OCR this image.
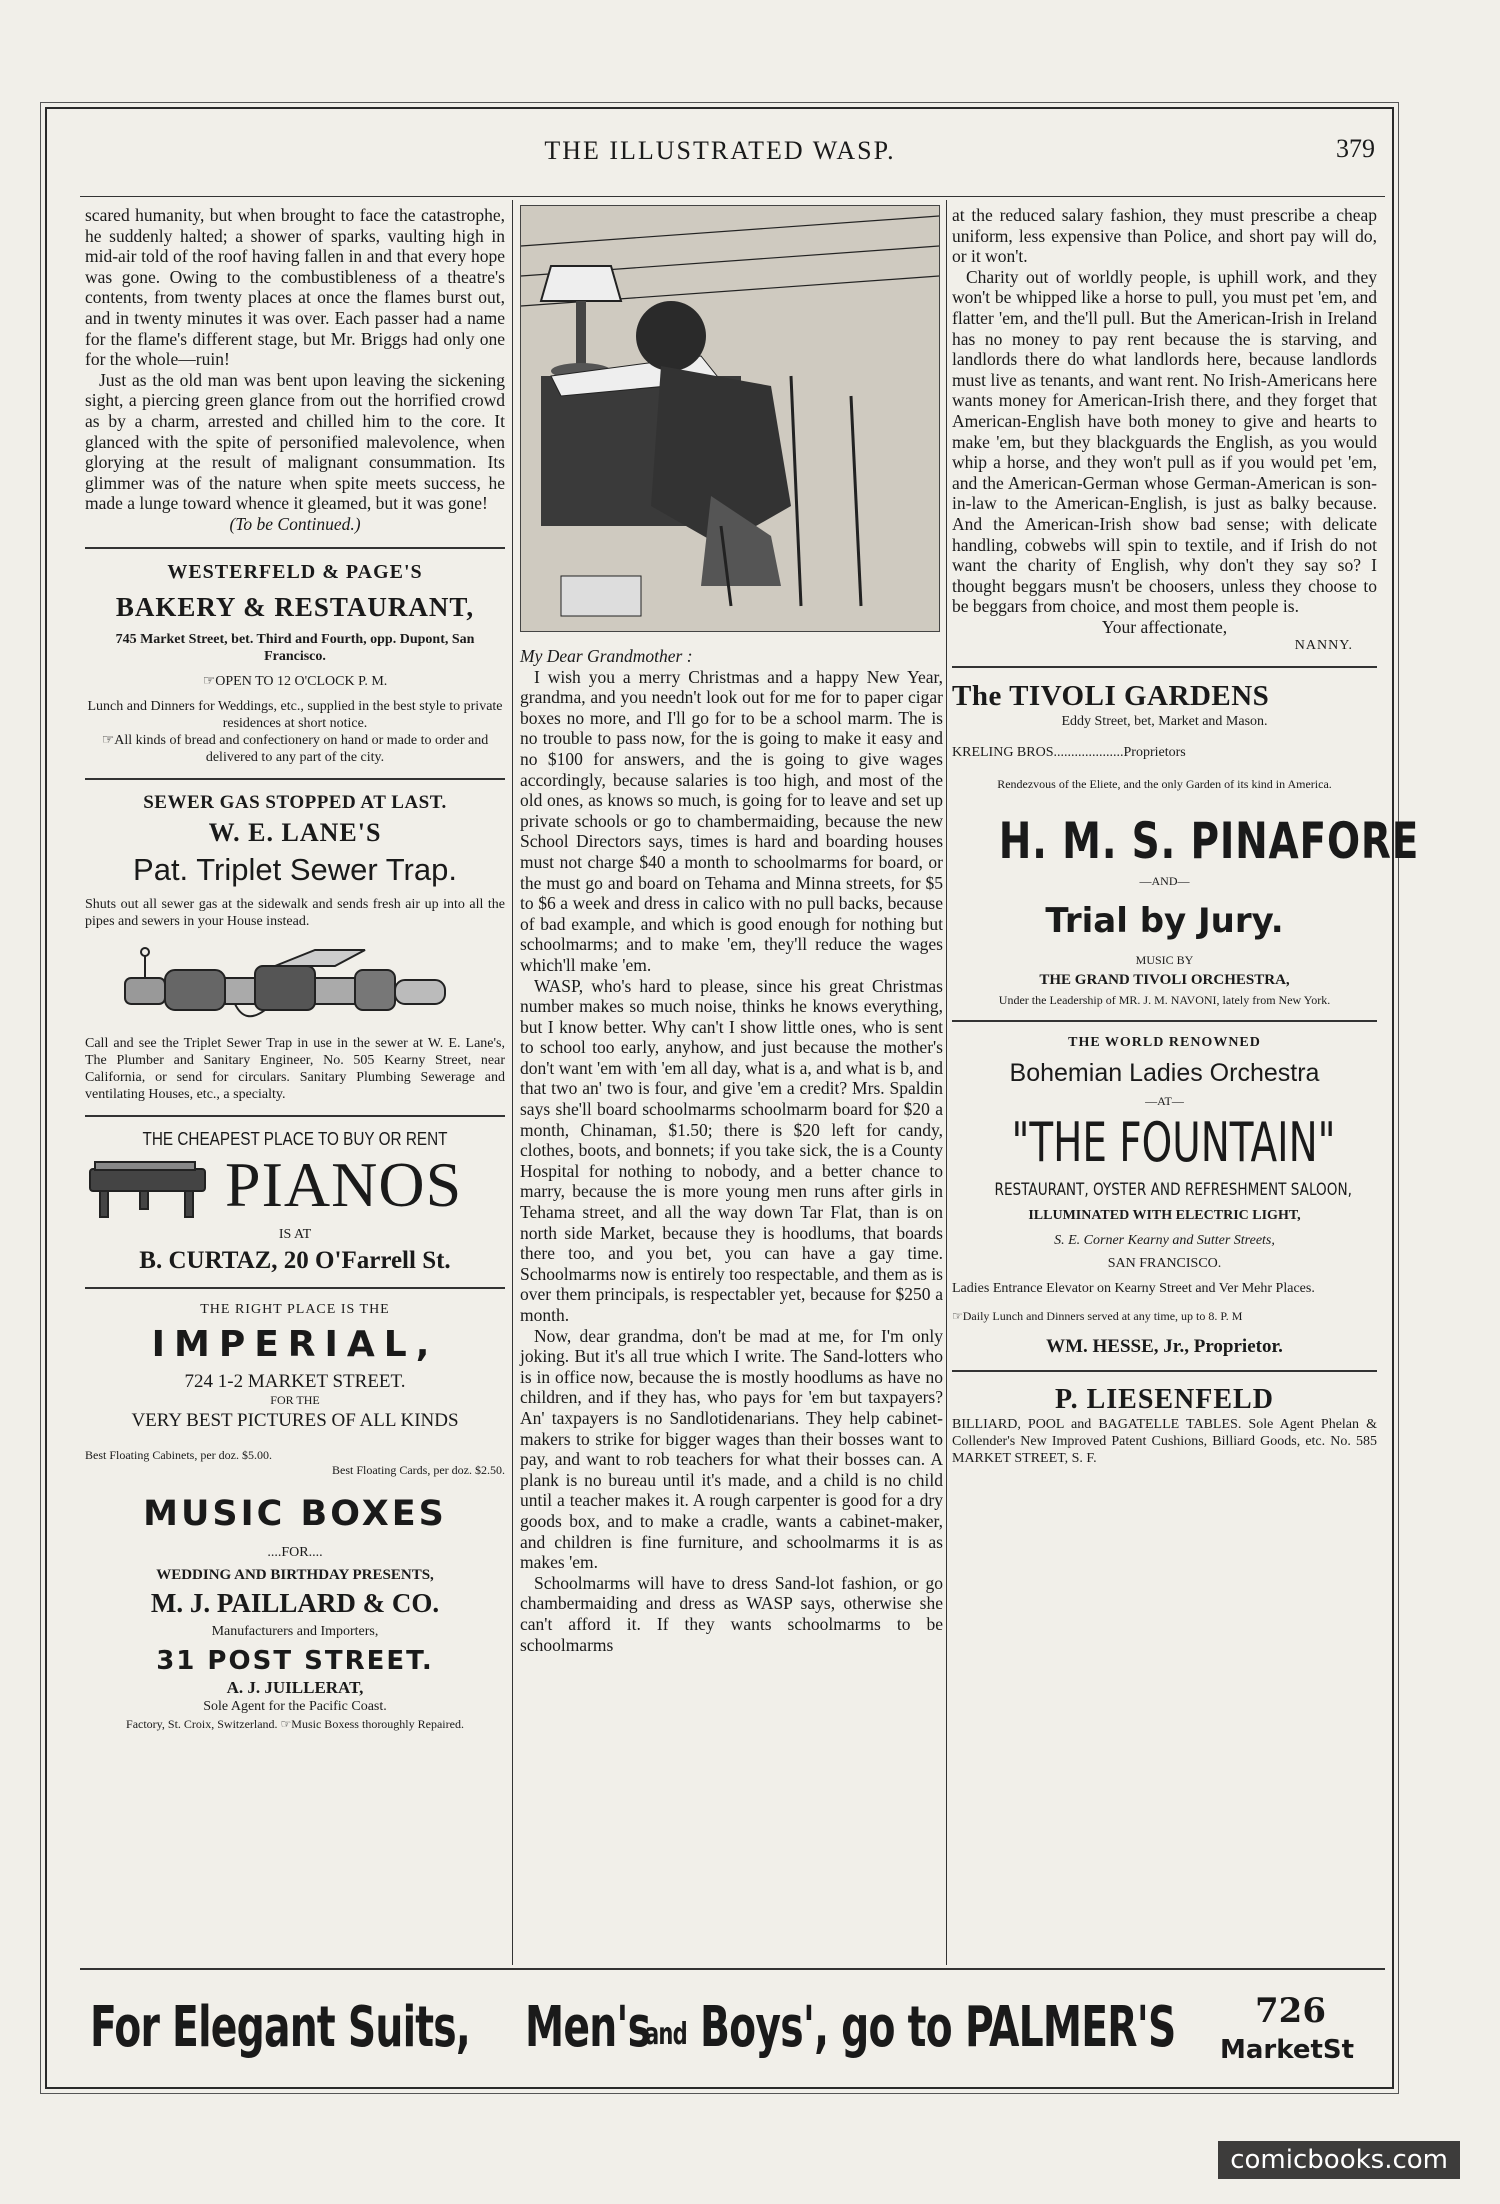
THE ILLUSTRATED WASP.	379

scared humanity, but when brought to face the catastrophe, he suddenly halted; a shower of sparks, vaulting high in mid-air told of the roof having fallen in and that every hope was gone. Owing to the combustibleness of a theatre's contents, from twenty places at once the flames burst out, and in twenty minutes it was over. Each passer had a name for the flame's different stage, but Mr. Briggs had only one for the whole—ruin!

Just as the old man was bent upon leaving the sickening sight, a piercing green glance from out the horrified crowd as by a charm, arrested and chilled him to the core. It glanced with the spite of personified malevolence, when glorying at the result of malignant consummation. Its glimmer was of the nature when spite meets success, he made a lunge toward whence it gleamed, but it was gone!

(To be Continued.)

WESTERFELD & PAGE'S

BAKERY & RESTAURANT,

745 Market Street, bet. Third and Fourth, opp. Dupont, San Francisco.

☞OPEN TO 12 O'CLOCK P. M.

Lunch and Dinners for Weddings, etc., supplied in the best style to private residences at short notice.

☞All kinds of bread and confectionery on hand or made to order and delivered to any part of the city.

SEWER GAS STOPPED AT LAST.

W. E. LANE'S

Pat. Triplet Sewer Trap.

Shuts out all sewer gas at the sidewalk and sends fresh air up into all the pipes and sewers in your House instead.

Call and see the Triplet Sewer Trap in use in the sewer at W. E. Lane's, The Plumber and Sanitary Engineer, No. 505 Kearny Street, near California, or send for circulars. Sanitary Plumbing Sewerage and ventilating Houses, etc., a specialty.

THE CHEAPEST PLACE TO BUY OR RENT

PIANOS

IS AT

B. CURTAZ, 20 O'Farrell St.

THE RIGHT PLACE IS THE

IMPERIAL,

724 1-2 MARKET STREET.

FOR THE

VERY BEST PICTURES OF ALL KINDS

Best Floating Cabinets, per doz. $5.00.

Best Floating Cards, per doz. $2.50.

MUSIC BOXES

....FOR....

WEDDING AND BIRTHDAY PRESENTS,

M. J. PAILLARD & CO.

Manufacturers and Importers,

31 POST STREET.

A. J. JUILLERAT,

Sole Agent for the Pacific Coast.

Factory, St. Croix, Switzerland. ☞Music Boxess thoroughly Repaired.

My Dear Grandmother :

I wish you a merry Christmas and a happy New Year, grandma, and you needn't look out for me for to paper cigar boxes no more, and I'll go for to be a school marm. The is no trouble to pass now, for the is going to make it easy and no $100 for answers, and the is going to give wages accordingly, because salaries is too high, and most of the old ones, as knows so much, is going for to leave and set up private schools or go to chambermaiding, because the new School Directors says, times is hard and boarding houses must not charge $40 a month to schoolmarms for board, or the must go and board on Tehama and Minna streets, for $5 to $6 a week and dress in calico with no pull backs, because of bad example, and which is good enough for nothing but schoolmarms; and to make 'em, they'll reduce the wages which'll make 'em.

WASP, who's hard to please, since his great Christmas number makes so much noise, thinks he knows everything, but I know better. Why can't I show little ones, who is sent to school too early, anyhow, and just because the mother's don't want 'em with 'em all day, what is a, and what is b, and that two an' two is four, and give 'em a credit? Mrs. Spaldin says she'll board schoolmarms schoolmarm board for $20 a month, Chinaman, $1.50; there is $20 left for candy, clothes, boots, and bonnets; if you take sick, the is a County Hospital for nothing to nobody, and a better chance to marry, because the is more young men runs after girls in Tehama street, and all the way down Tar Flat, than is on north side Market, because they is hoodlums, that boards there too, and you bet, you can have a gay time. Schoolmarms now is entirely too respectable, and them as is over them principals, is respectabler yet, because for $250 a month.

Now, dear grandma, don't be mad at me, for I'm only joking. But it's all true which I write. The Sand-lotters who is in office now, because the is mostly hoodlums as have no children, and if they has, who pays for 'em but taxpayers? An' taxpayers is no Sandlotidenarians. They help cabinet-makers to strike for bigger wages than their bosses want to pay, and want to rob teachers for what their bosses can. A plank is no bureau until it's made, and a child is no child until a teacher makes it. A rough carpenter is good for a dry goods box, and to make a cradle, wants a cabinet-maker, and children is fine furniture, and schoolmarms it is as makes 'em.

Schoolmarms will have to dress Sand-lot fashion, or go chambermaiding and dress as WASP says, otherwise she can't afford it. If they wants schoolmarms to be schoolmarms

at the reduced salary fashion, they must prescribe a cheap uniform, less expensive than Police, and short pay will do, or it won't.

Charity out of worldly people, is uphill work, and they won't be whipped like a horse to pull, you must pet 'em, and flatter 'em, and the'll pull. But the American-Irish in Ireland has no money to pay rent because the is starving, and landlords there do what landlords here, because landlords must live as tenants, and want rent. No Irish-Americans here wants money for American-Irish there, and they forget that American-English have both money to give and hearts to make 'em, but they blackguards the English, as you would whip a horse, and they won't pull as if you would pet 'em, and the American-German whose German-American is son-in-law to the American-English, is just as balky because. And the American-Irish show bad sense; with delicate handling, cobwebs will spin to textile, and if Irish do not want the charity of English, why don't they say so? I thought beggars musn't be choosers, unless they choose to be beggars from choice, and most them people is.

Your affectionate,

NANNY.

The TIVOLI GARDENS

Eddy Street, bet, Market and Mason.

KRELING BROS....................Proprietors

Rendezvous of the Eliete, and the only Garden of its kind in America.

H. M. S. PINAFORE

—AND—

Trial by Jury.

MUSIC BY

THE GRAND TIVOLI ORCHESTRA,

Under the Leadership of MR. J. M. NAVONI, lately from New York.

THE WORLD RENOWNED

Bohemian Ladies Orchestra

—AT—

"THE FOUNTAIN"

RESTAURANT, OYSTER AND REFRESHMENT SALOON,

ILLUMINATED WITH ELECTRIC LIGHT,

S. E. Corner Kearny and Sutter Streets,

SAN FRANCISCO.

Ladies Entrance Elevator on Kearny Street and Ver Mehr Places.

☞Daily Lunch and Dinners served at any time, up to 8. P. M

WM. HESSE, Jr., Proprietor.

P. LIESENFELD

BILLIARD, POOL and BAGATELLE TABLES. Sole Agent Phelan & Collender's New Improved Patent Cushions, Billiard Goods, etc. No. 585 MARKET STREET, S. F.

For Elegant Suits, Men's
and Boys', go to PALMER'S 726
MarketSt
comicbooks.com
